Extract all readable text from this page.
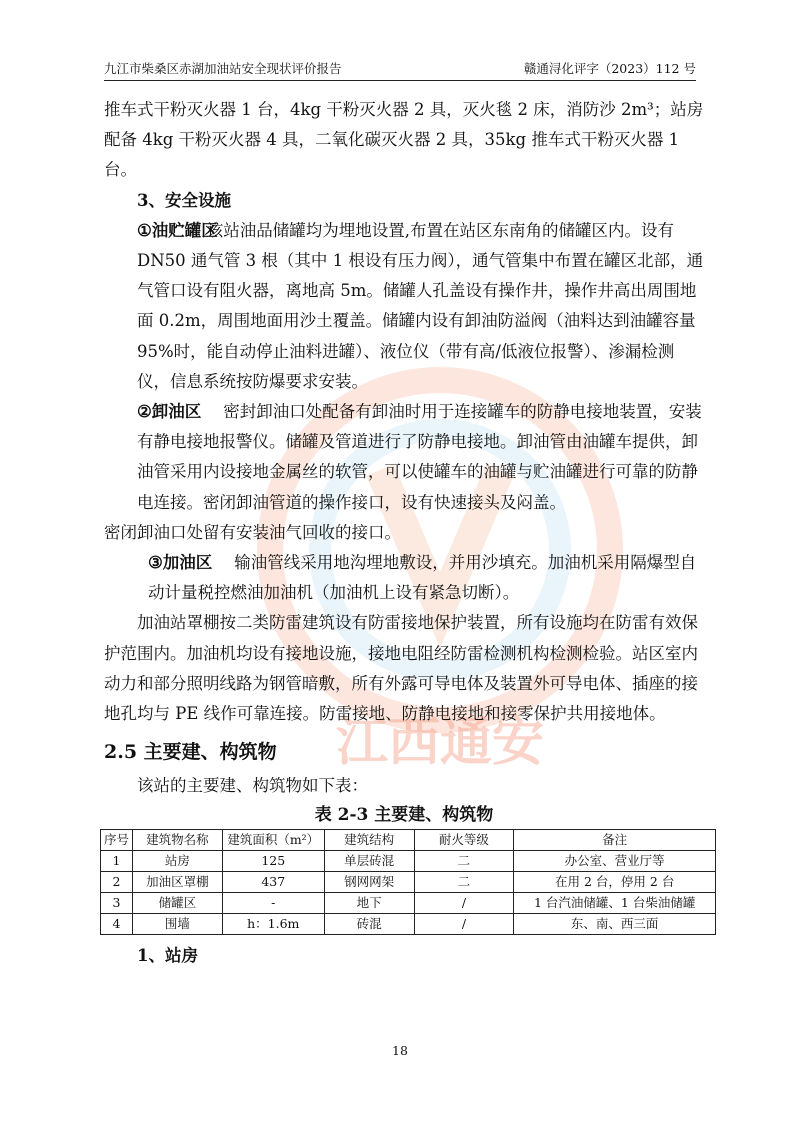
江西通安
九江市柴桑区赤湖加油站安全现状评价报告	赣通浔化评字（2023）112 号

推车式干粉灭火器 1 台，4kg 干粉灭火器 2 具，灭火毯 2 床，消防沙 2m³；站房配备 4kg 干粉灭火器 4 具，二氧化碳灭火器 2 具，35kg 推车式干粉灭火器 1 台。

3、安全设施

①油贮罐区该站油品储罐均为埋地设置,布置在站区东南角的储罐区内。设有 DN50 通气管 3 根（其中 1 根设有压力阀），通气管集中布置在罐区北部，通气管口设有阻火器，离地高 5m。储罐人孔盖设有操作井，操作井高出周围地面 0.2m，周围地面用沙土覆盖。储罐内设有卸油防溢阀（油料达到油罐容量 95%时，能自动停止油料进罐）、液位仪（带有高/低液位报警）、渗漏检测仪，信息系统按防爆要求安装。

②卸油区 密封卸油口处配备有卸油时用于连接罐车的防静电接地装置，安装有静电接地报警仪。储罐及管道进行了防静电接地。卸油管由油罐车提供，卸油管采用内设接地金属丝的软管，可以使罐车的油罐与贮油罐进行可靠的防静电连接。密闭卸油管道的操作接口，设有快速接头及闷盖。

密闭卸油口处留有安装油气回收的接口。

③加油区 输油管线采用地沟埋地敷设，并用沙填充。加油机采用隔爆型自动计量税控燃油加油机（加油机上设有紧急切断）。

加油站罩棚按二类防雷建筑设有防雷接地保护装置，所有设施均在防雷有效保护范围内。加油机均设有接地设施，接地电阻经防雷检测机构检测检验。站区室内动力和部分照明线路为钢管暗敷，所有外露可导电体及装置外可导电体、插座的接地孔均与 PE 线作可靠连接。防雷接地、防静电接地和接零保护共用接地体。

2.5 主要建、构筑物

该站的主要建、构筑物如下表：

表 2-3 主要建、构筑物

序号	建筑物名称	建筑面积（m²）	建筑结构	耐火等级	备注
1	站房	125	单层砖混	二	办公室、营业厅等
2	加油区罩棚	437	钢网网架	二	在用 2 台，停用 2 台
3	储罐区	-	地下	/	1 台汽油储罐、1 台柴油储罐
4	围墙	h：1.6m	砖混	/	东、南、西三面

1、站房

18
